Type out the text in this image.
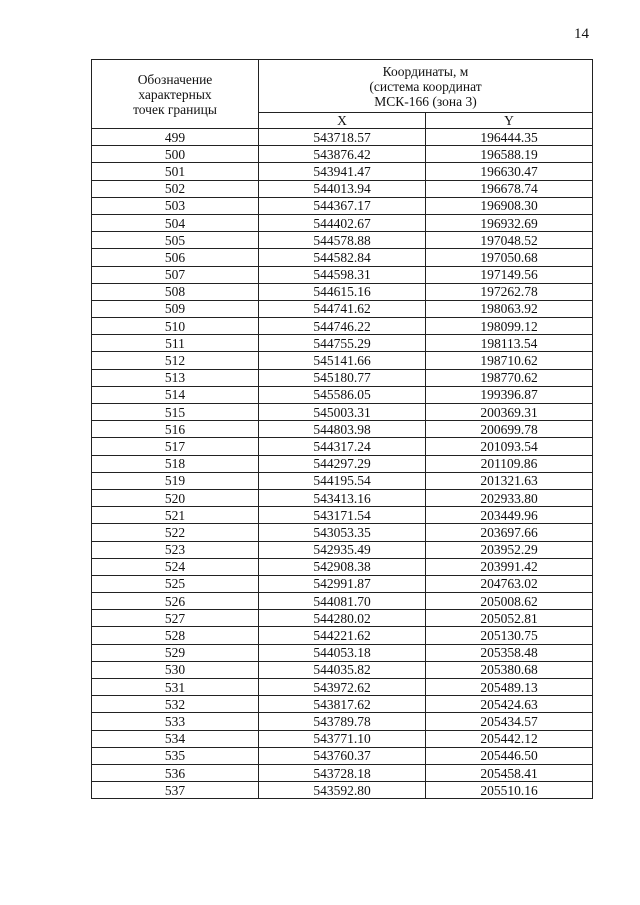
14
Обозначение
характерных
точек границы	Координаты, м
(система координат
МСК-166 (зона 3)	

	X	Y
499	543718.57	196444.35
500	543876.42	196588.19
501	543941.47	196630.47
502	544013.94	196678.74
503	544367.17	196908.30
504	544402.67	196932.69
505	544578.88	197048.52
506	544582.84	197050.68
507	544598.31	197149.56
508	544615.16	197262.78
509	544741.62	198063.92
510	544746.22	198099.12
511	544755.29	198113.54
512	545141.66	198710.62
513	545180.77	198770.62
514	545586.05	199396.87
515	545003.31	200369.31
516	544803.98	200699.78
517	544317.24	201093.54
518	544297.29	201109.86
519	544195.54	201321.63
520	543413.16	202933.80
521	543171.54	203449.96
522	543053.35	203697.66
523	542935.49	203952.29
524	542908.38	203991.42
525	542991.87	204763.02
526	544081.70	205008.62
527	544280.02	205052.81
528	544221.62	205130.75
529	544053.18	205358.48
530	544035.82	205380.68
531	543972.62	205489.13
532	543817.62	205424.63
533	543789.78	205434.57
534	543771.10	205442.12
535	543760.37	205446.50
536	543728.18	205458.41
537	543592.80	205510.16
